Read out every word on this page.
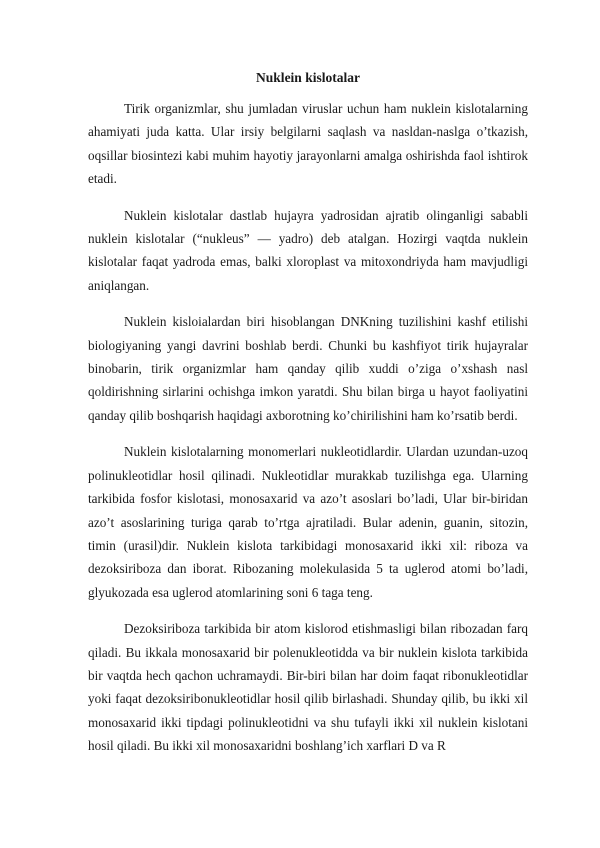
Nuklein kislotalar

Tirik organizmlar, shu jumladan viruslar uchun ham nuklein kislotalarning ahamiyati juda katta. Ular irsiy belgilarni saqlash va nasldan-naslga o’tkazish, oqsillar biosintezi kabi muhim hayotiy jarayonlarni amalga oshirishda faol ishtirok etadi.

Nuklein kislotalar dastlab hujayra yadrosidan ajratib olinganligi sababli nuklein kislotalar (“nukleus” — yadro) deb atalgan. Hozirgi vaqtda nuklein kislotalar faqat yadroda emas, balki xloroplast va mitoxondriyda ham mavjudligi aniqlangan.

Nuklein kisloialardan biri hisoblangan DNKning tuzilishini kashf etilishi biologiyaning yangi davrini boshlab berdi. Chunki bu kashfiyot tirik hujayralar binobarin, tirik organizmlar ham qanday qilib xuddi o’ziga o’xshash nasl qoldirishning sirlarini ochishga imkon yaratdi. Shu bilan birga u hayot faoliyatini qanday qilib boshqarish haqidagi axborotning ko’chirilishini ham ko’rsatib berdi.

Nuklein kislotalarning monomerlari nukleotidlardir. Ulardan uzundan-uzoq polinukleotidlar hosil qilinadi. Nukleotidlar murakkab tuzilishga ega. Ularning tarkibida fosfor kislotasi, monosaxarid va azo’t asoslari bo’ladi, Ular bir-biridan azo’t asoslarining turiga qarab to’rtga ajratiladi. Bular adenin, guanin, sitozin, timin (urasil)dir. Nuklein kislota tarkibidagi monosaxarid ikki xil: riboza va dezoksiriboza dan iborat. Ribozaning molekulasida 5 ta uglerod atomi bo’ladi, glyukozada esa uglerod atomlarining soni 6 taga teng.

Dezoksiriboza tarkibida bir atom kislorod etishmasligi bilan ribozadan farq qiladi. Bu ikkala monosaxarid bir polenukleotidda va bir nuklein kislota tarkibida bir vaqtda hech qachon uchramaydi. Bir-biri bilan har doim faqat ribonukleotidlar yoki faqat dezoksiribonukleotidlar hosil qilib birlashadi. Shunday qilib, bu ikki xil monosaxarid ikki tipdagi polinukleotidni va shu tufayli ikki xil nuklein kislotani hosil qiladi. Bu ikki xil monosaxaridni boshlang’ich xarflari D va R
